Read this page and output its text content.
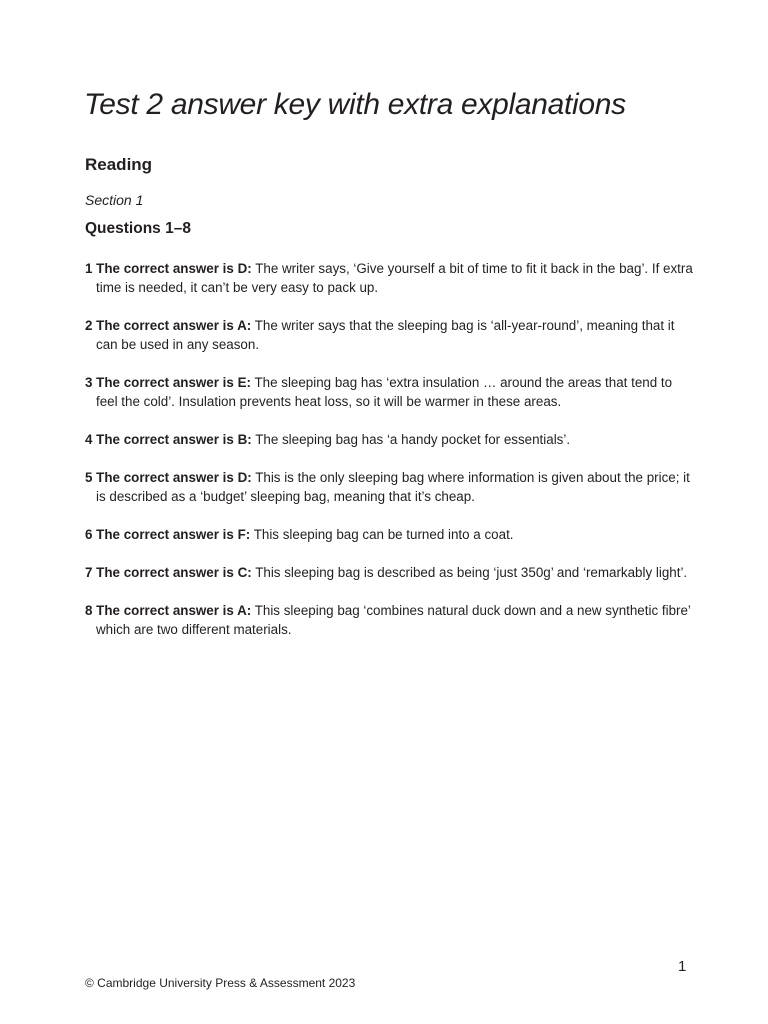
Test 2 answer key with extra explanations
Reading

Section 1

Questions 1–8
1 The correct answer is D: The writer says, ‘Give yourself a bit of time to fit it back in the bag’. If extra time is needed, it can’t be very easy to pack up.
2 The correct answer is A: The writer says that the sleeping bag is ‘all-year-round’, meaning that it can be used in any season.
3 The correct answer is E: The sleeping bag has ‘extra insulation … around the areas that tend to feel the cold’. Insulation prevents heat loss, so it will be warmer in these areas.
4 The correct answer is B: The sleeping bag has ‘a handy pocket for essentials’.
5 The correct answer is D: This is the only sleeping bag where information is given about the price; it is described as a ‘budget’ sleeping bag, meaning that it’s cheap.
6 The correct answer is F: This sleeping bag can be turned into a coat.
7 The correct answer is C: This sleeping bag is described as being ‘just 350g’ and ‘remarkably light’.
8 The correct answer is A: This sleeping bag ‘combines natural duck down and a new synthetic fibre’ which are two different materials.
1
© Cambridge University Press & Assessment 2023
